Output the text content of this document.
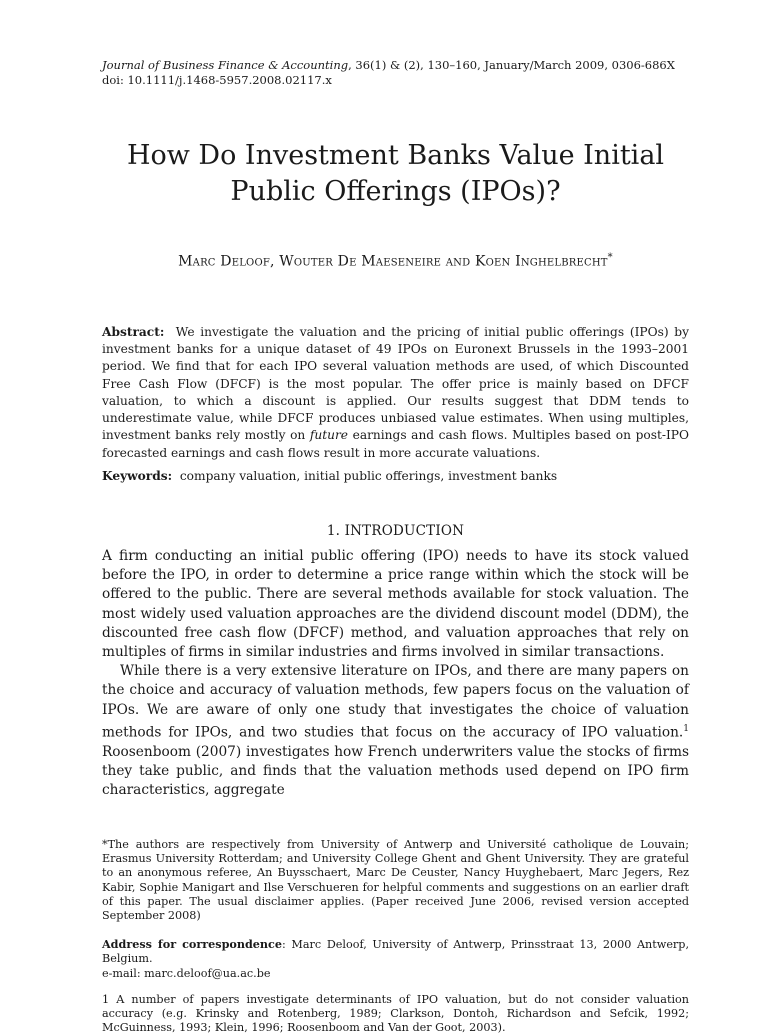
Journal of Business Finance & Accounting, 36(1) & (2), 130–160, January/March 2009, 0306-686X
doi: 10.1111/j.1468-5957.2008.02117.x
How Do Investment Banks Value Initial Public Offerings (IPOs)?
Marc Deloof, Wouter De Maeseneire and Koen Inghelbrecht*
Abstract: We investigate the valuation and the pricing of initial public offerings (IPOs) by investment banks for a unique dataset of 49 IPOs on Euronext Brussels in the 1993–2001 period. We find that for each IPO several valuation methods are used, of which Discounted Free Cash Flow (DFCF) is the most popular. The offer price is mainly based on DFCF valuation, to which a discount is applied. Our results suggest that DDM tends to underestimate value, while DFCF produces unbiased value estimates. When using multiples, investment banks rely mostly on future earnings and cash flows. Multiples based on post-IPO forecasted earnings and cash flows result in more accurate valuations.
Keywords: company valuation, initial public offerings, investment banks
1. INTRODUCTION

A firm conducting an initial public offering (IPO) needs to have its stock valued before the IPO, in order to determine a price range within which the stock will be offered to the public. There are several methods available for stock valuation. The most widely used valuation approaches are the dividend discount model (DDM), the discounted free cash flow (DFCF) method, and valuation approaches that rely on multiples of firms in similar industries and firms involved in similar transactions.

While there is a very extensive literature on IPOs, and there are many papers on the choice and accuracy of valuation methods, few papers focus on the valuation of IPOs. We are aware of only one study that investigates the choice of valuation methods for IPOs, and two studies that focus on the accuracy of IPO valuation.$^1$ Roosenboom (2007) investigates how French underwriters value the stocks of firms they take public, and finds that the valuation methods used depend on IPO firm characteristics, aggregate

*The authors are respectively from University of Antwerp and Université catholique de Louvain; Erasmus University Rotterdam; and University College Ghent and Ghent University. They are grateful to an anonymous referee, An Buysschaert, Marc De Ceuster, Nancy Huyghebaert, Marc Jegers, Rez Kabir, Sophie Manigart and Ilse Verschueren for helpful comments and suggestions on an earlier draft of this paper. The usual disclaimer applies. (Paper received June 2006, revised version accepted September 2008)

Address for correspondence: Marc Deloof, University of Antwerp, Prinsstraat 13, 2000 Antwerp, Belgium.

e-mail: marc.deloof@ua.ac.be

1 A number of papers investigate determinants of IPO valuation, but do not consider valuation accuracy (e.g. Krinsky and Rotenberg, 1989; Clarkson, Dontoh, Richardson and Sefcik, 1992; McGuinness, 1993; Klein, 1996; Roosenboom and Van der Goot, 2003).
